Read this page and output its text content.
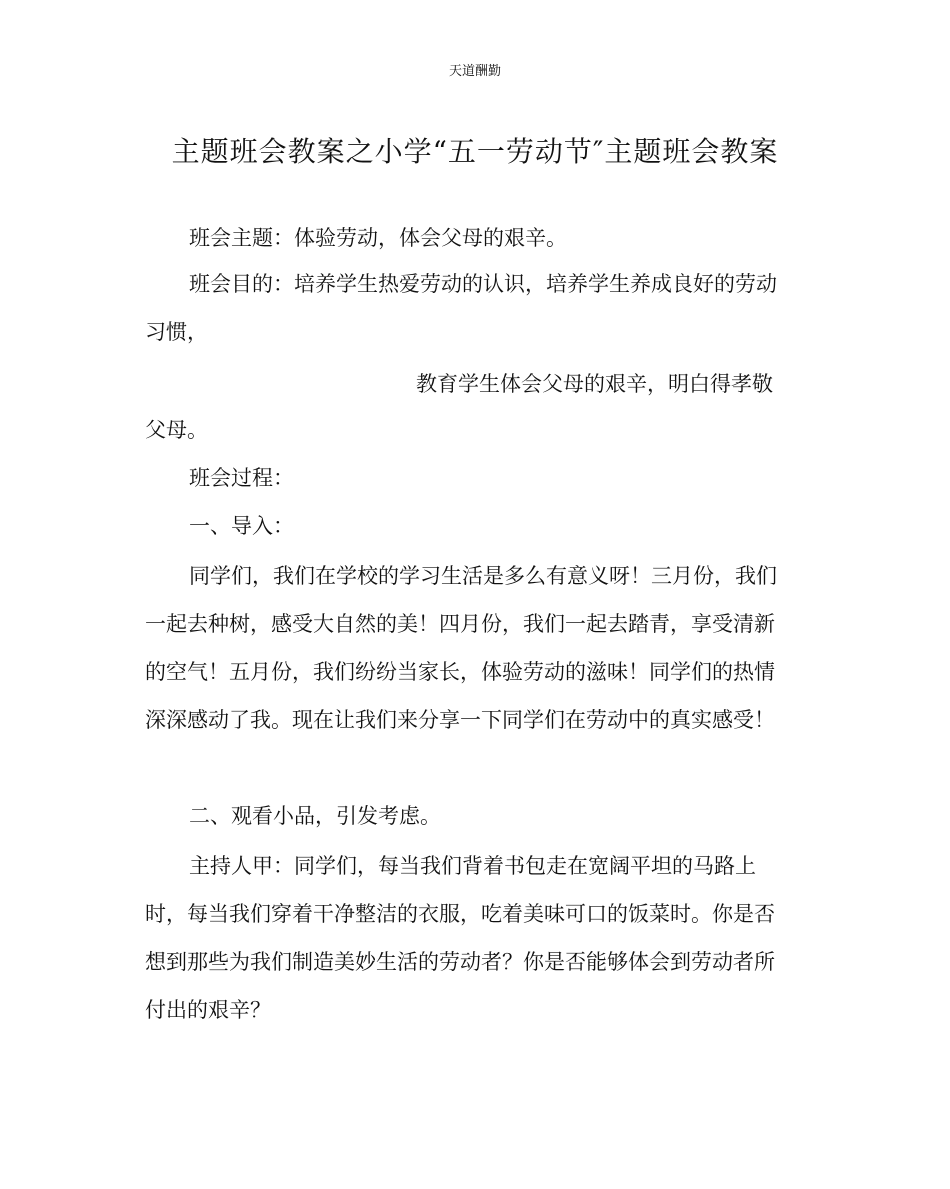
天道酬勤
主题班会教案之小学“五一劳动节″主题班会教案
班会主题：体验劳动，体会父母的艰辛。
班会目的：培养学生热爱劳动的认识，培养学生养成良好的劳动
习惯，
教育学生体会父母的艰辛，明白得孝敬
父母。
班会过程：
一、导入：
同学们，我们在学校的学习生活是多么有意义呀！三月份，我们
一起去种树，感受大自然的美！四月份，我们一起去踏青，享受清新
的空气！五月份，我们纷纷当家长，体验劳动的滋味！同学们的热情
深深感动了我。现在让我们来分享一下同学们在劳动中的真实感受！
二、观看小品，引发考虑。
主持人甲：同学们，每当我们背着书包走在宽阔平坦的马路上
时，每当我们穿着干净整洁的衣服，吃着美味可口的饭菜时。你是否
想到那些为我们制造美妙生活的劳动者？你是否能够体会到劳动者所
付出的艰辛？
